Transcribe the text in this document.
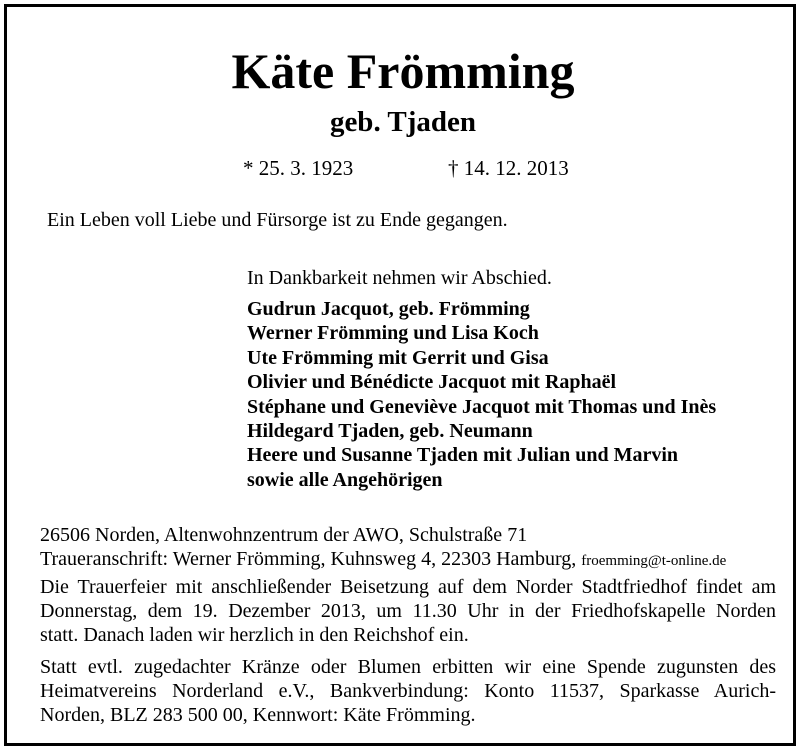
Käte Frömming
geb. Tjaden
* 25. 3. 1923	† 14. 12. 2013
Ein Leben voll Liebe und Fürsorge ist zu Ende gegangen.
In Dankbarkeit nehmen wir Abschied.
Gudrun Jacquot, geb. Frömming
Werner Frömming und Lisa Koch
Ute Frömming mit Gerrit und Gisa
Olivier und Bénédicte Jacquot mit Raphaël
Stéphane und Geneviève Jacquot mit Thomas und Inès
Hildegard Tjaden, geb. Neumann
Heere und Susanne Tjaden mit Julian und Marvin
sowie alle Angehörigen
26506 Norden, Altenwohnzentrum der AWO, Schulstraße 71
Traueranschrift: Werner Frömming, Kuhnsweg 4, 22303 Hamburg, froemming@t-online.de

Die Trauerfeier mit anschließender Beisetzung auf dem Norder Stadtfriedhof findet am
Donnerstag, dem 19. Dezember 2013, um 11.30 Uhr in der Friedhofskapelle Norden
statt. Danach laden wir herzlich in den Reichshof ein.

Statt evtl. zugedachter Kränze oder Blumen erbitten wir eine Spende zugunsten des
Heimatvereins Norderland e.V., Bankverbindung: Konto 11537, Sparkasse Aurich-
Norden, BLZ 283 500 00, Kennwort: Käte Frömming.
